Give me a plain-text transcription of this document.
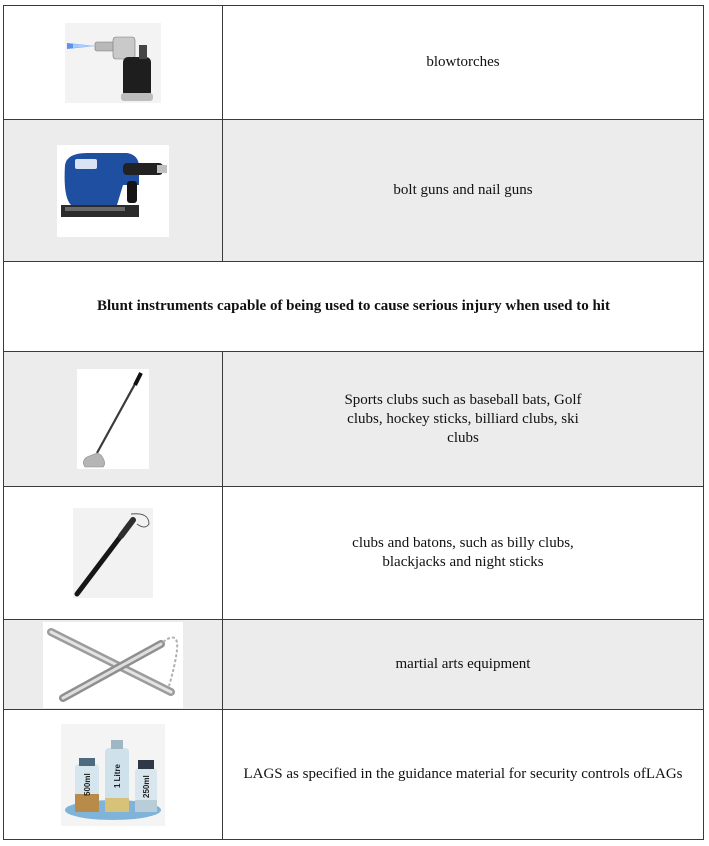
	blowtorches

	bolt guns and nail guns
Blunt instruments capable of being used to cause serious injury when used to hit	

	Sports clubs such as baseball bats, Golf clubs, hockey sticks, billiard clubs, ski clubs

	clubs and batons, such as billy clubs, blackjacks and night sticks

	martial arts equipment

500ml 1 Litre 250ml	LAGS as specified in the guidance material for security controls ofLAGs
